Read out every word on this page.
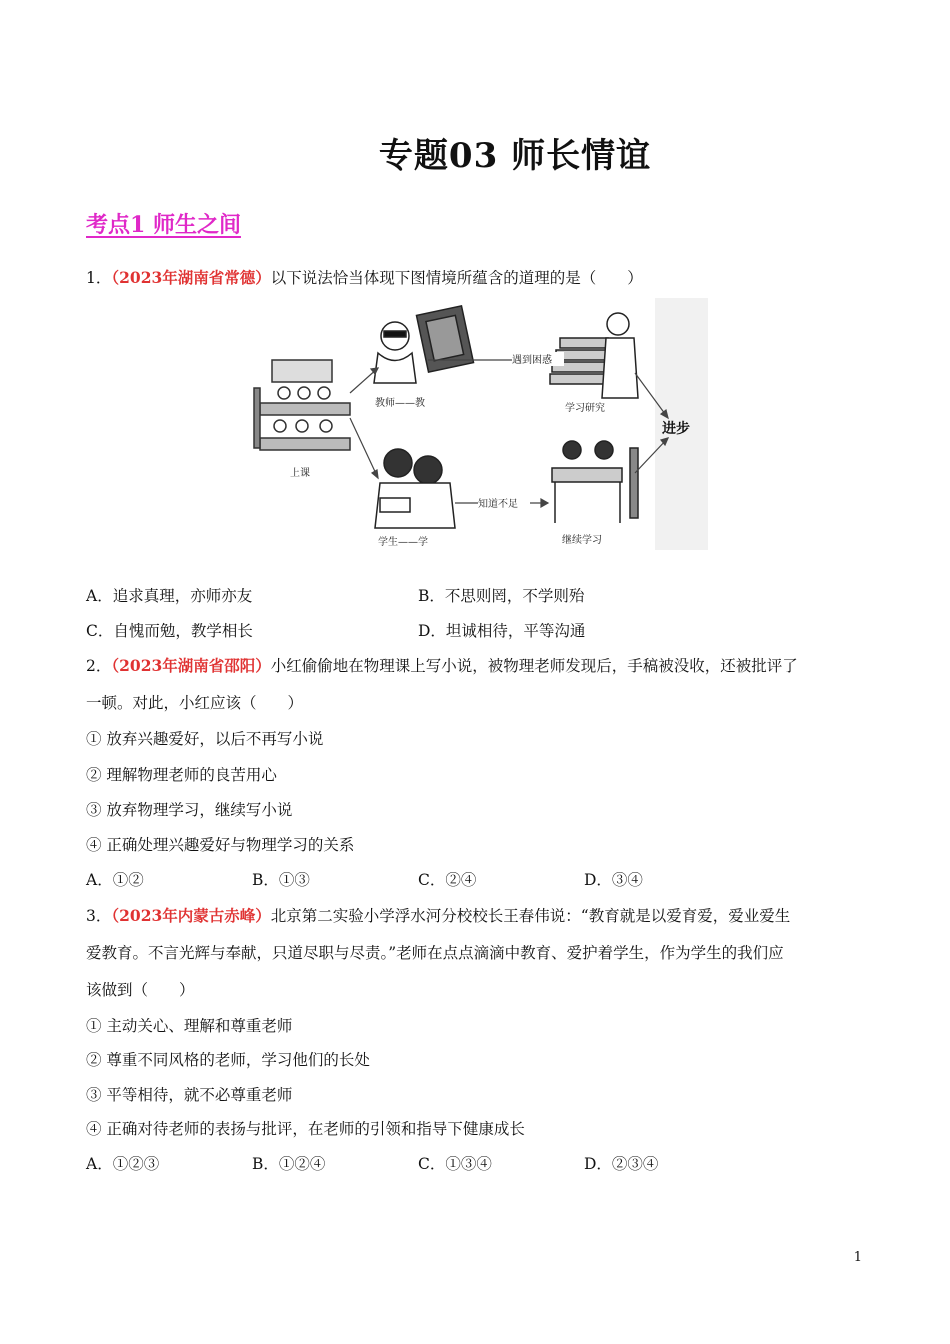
专题03 师长情谊
考点1 师生之间
1．（2023年湖南省常德）以下说法恰当体现下图情境所蕴含的道理的是（　　）
上课
教师——教
学生——学
学习研究
继续学习
遇到困惑
知道不足
进步
A．追求真理，亦师亦友	B．不思则罔，不学则殆
C．自愧而勉，教学相长	D．坦诚相待，平等沟通
2．（2023年湖南省邵阳）小红偷偷地在物理课上写小说，被物理老师发现后，手稿被没收，还被批评了
一顿。对此，小红应该（　　）
① 放弃兴趣爱好，以后不再写小说
② 理解物理老师的良苦用心
③ 放弃物理学习，继续写小说
④ 正确处理兴趣爱好与物理学习的关系
A．①②	B．①③	C．②④	D．③④
3．（2023年内蒙古赤峰）北京第二实验小学浮水河分校校长王春伟说：“教育就是以爱育爱，爱业爱生
爱教育。不言光辉与奉献，只道尽职与尽责。”老师在点点滴滴中教育、爱护着学生，作为学生的我们应
该做到（　　）
① 主动关心、理解和尊重老师
② 尊重不同风格的老师，学习他们的长处
③ 平等相待，就不必尊重老师
④ 正确对待老师的表扬与批评，在老师的引领和指导下健康成长
A．①②③	B．①②④	C．①③④	D．②③④
1
